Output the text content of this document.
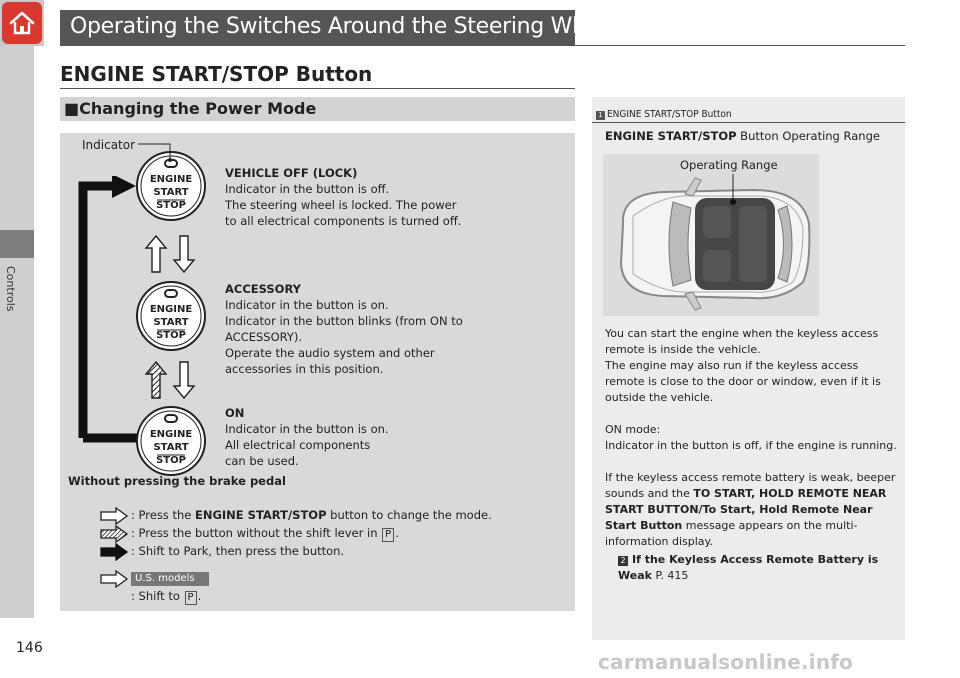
Controls
Operating the Switches Around the Steering Wheel
ENGINE START/STOP Button
■Changing the Power Mode
ENGINE
START
STOP
Indicator
VEHICLE OFF (LOCK)
Indicator in the button is off.
The steering wheel is locked. The power
to all electrical components is turned off.
ENGINE
START
STOP
ACCESSORY
Indicator in the button is on.
Indicator in the button blinks (from ON to
ACCESSORY).
Operate the audio system and other
accessories in this position.
ENGINE
START
STOP
ON
Indicator in the button is on.
All electrical components
can be used.
Without pressing the brake pedal
: Press the ENGINE START/STOP button to change the mode.
: Press the button without the shift lever in P .
: Shift to Park, then press the button.
U.S. models
: Shift to P .
1 ENGINE START/STOP Button
ENGINE START/STOP Button Operating Range
Operating Range
You can start the engine when the keyless access remote is inside the vehicle.
The engine may also run if the keyless access remote is close to the door or window, even if it is outside the vehicle.
ON mode:
Indicator in the button is off, if the engine is running.
If the keyless access remote battery is weak, beeper sounds and the TO START, HOLD REMOTE NEAR START BUTTON/To Start, Hold Remote Near Start Button message appears on the multi-information display.
2 If the Keyless Access Remote Battery is Weak P. 415
146
carmanualsonline.info
